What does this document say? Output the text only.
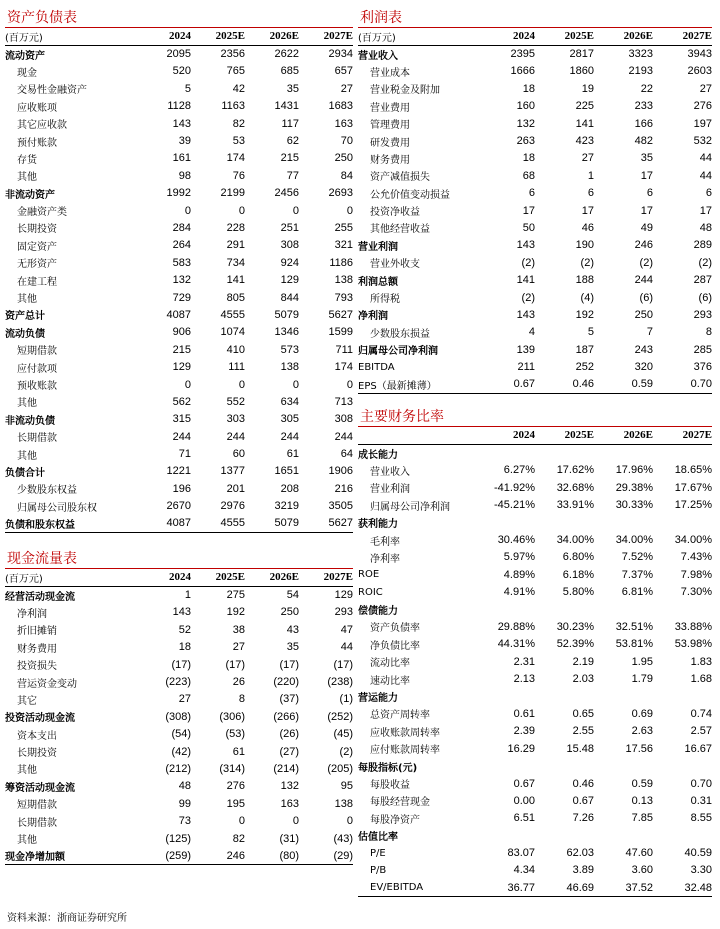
资产负债表
(百万元)	2024	2025E	2026E	2027E
流动资产	2095	2356	2622	2934
现金	520	765	685	657
交易性金融资产	5	42	35	27
应收账项	1128	1163	1431	1683
其它应收款	143	82	117	163
预付账款	39	53	62	70
存货	161	174	215	250
其他	98	76	77	84
非流动资产	1992	2199	2456	2693
金融资产类	0	0	0	0
长期投资	284	228	251	255
固定资产	264	291	308	321
无形资产	583	734	924	1186
在建工程	132	141	129	138
其他	729	805	844	793
资产总计	4087	4555	5079	5627
流动负债	906	1074	1346	1599
短期借款	215	410	573	711
应付款项	129	111	138	174
预收账款	0	0	0	0
其他	562	552	634	713
非流动负债	315	303	305	308
长期借款	244	244	244	244
其他	71	60	61	64
负债合计	1221	1377	1651	1906
少数股东权益	196	201	208	216
归属母公司股东权	2670	2976	3219	3505
负债和股东权益	4087	4555	5079	5627
现金流量表
(百万元)	2024	2025E	2026E	2027E
经营活动现金流	1	275	54	129
净利润	143	192	250	293
折旧摊销	52	38	43	47
财务费用	18	27	35	44
投资损失	(17)	(17)	(17)	(17)
营运资金变动	(223)	26	(220)	(238)
其它	27	8	(37)	(1)
投资活动现金流	(308)	(306)	(266)	(252)
资本支出	(54)	(53)	(26)	(45)
长期投资	(42)	61	(27)	(2)
其他	(212)	(314)	(214)	(205)
筹资活动现金流	48	276	132	95
短期借款	99	195	163	138
长期借款	73	0	0	0
其他	(125)	82	(31)	(43)
现金净增加额	(259)	246	(80)	(29)
利润表
(百万元)	2024	2025E	2026E	2027E
营业收入	2395	2817	3323	3943
营业成本	1666	1860	2193	2603
营业税金及附加	18	19	22	27
营业费用	160	225	233	276
管理费用	132	141	166	197
研发费用	263	423	482	532
财务费用	18	27	35	44
资产减值损失	68	1	17	44
公允价值变动损益	6	6	6	6
投资净收益	17	17	17	17
其他经营收益	50	46	49	48
营业利润	143	190	246	289
营业外收支	(2)	(2)	(2)	(2)
利润总额	141	188	244	287
所得税	(2)	(4)	(6)	(6)
净利润	143	192	250	293
少数股东损益	4	5	7	8
归属母公司净利润	139	187	243	285
EBITDA	211	252	320	376
EPS（最新摊薄）	0.67	0.46	0.59	0.70
主要财务比率
	2024	2025E	2026E	2027E
成长能力				
营业收入	6.27%	17.62%	17.96%	18.65%
营业利润	-41.92%	32.68%	29.38%	17.67%
归属母公司净利润	-45.21%	33.91%	30.33%	17.25%
获利能力				
毛利率	30.46%	34.00%	34.00%	34.00%
净利率	5.97%	6.80%	7.52%	7.43%
ROE	4.89%	6.18%	7.37%	7.98%
ROIC	4.91%	5.80%	6.81%	7.30%
偿债能力				
资产负债率	29.88%	30.23%	32.51%	33.88%
净负债比率	44.31%	52.39%	53.81%	53.98%
流动比率	2.31	2.19	1.95	1.83
速动比率	2.13	2.03	1.79	1.68
营运能力				
总资产周转率	0.61	0.65	0.69	0.74
应收账款周转率	2.39	2.55	2.63	2.57
应付账款周转率	16.29	15.48	17.56	16.67
每股指标(元)				
每股收益	0.67	0.46	0.59	0.70
每股经营现金	0.00	0.67	0.13	0.31
每股净资产	6.51	7.26	7.85	8.55
估值比率				
P/E	83.07	62.03	47.60	40.59
P/B	4.34	3.89	3.60	3.30
EV/EBITDA	36.77	46.69	37.52	32.48
资料来源：浙商证券研究所
